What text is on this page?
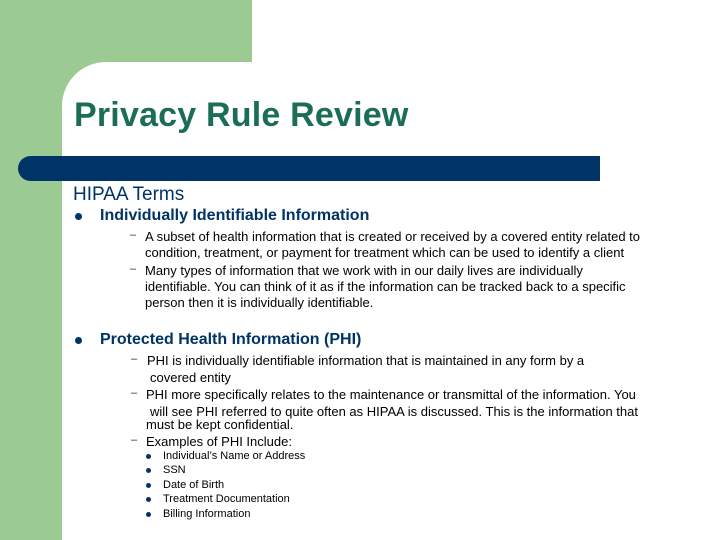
Privacy Rule Review
HIPAA Terms
Individually Identifiable Information
– A subset of health information that is created or received by a covered entity related to
condition, treatment, or payment for treatment which can be used to identify a client
– Many types of information that we work with in our daily lives are individually
identifiable. You can think of it as if the information can be tracked back to a specific
person then it is individually identifiable.
Protected Health Information (PHI)
– PHI is individually identifiable information that is maintained in any form by a
covered entity
– PHI more specifically relates to the maintenance or transmittal of the information. You
will see PHI referred to quite often as HIPAA is discussed. This is the information that
must be kept confidential.
– Examples of PHI Include:
Individual’s Name or Address
SSN
Date of Birth
Treatment Documentation
Billing Information
